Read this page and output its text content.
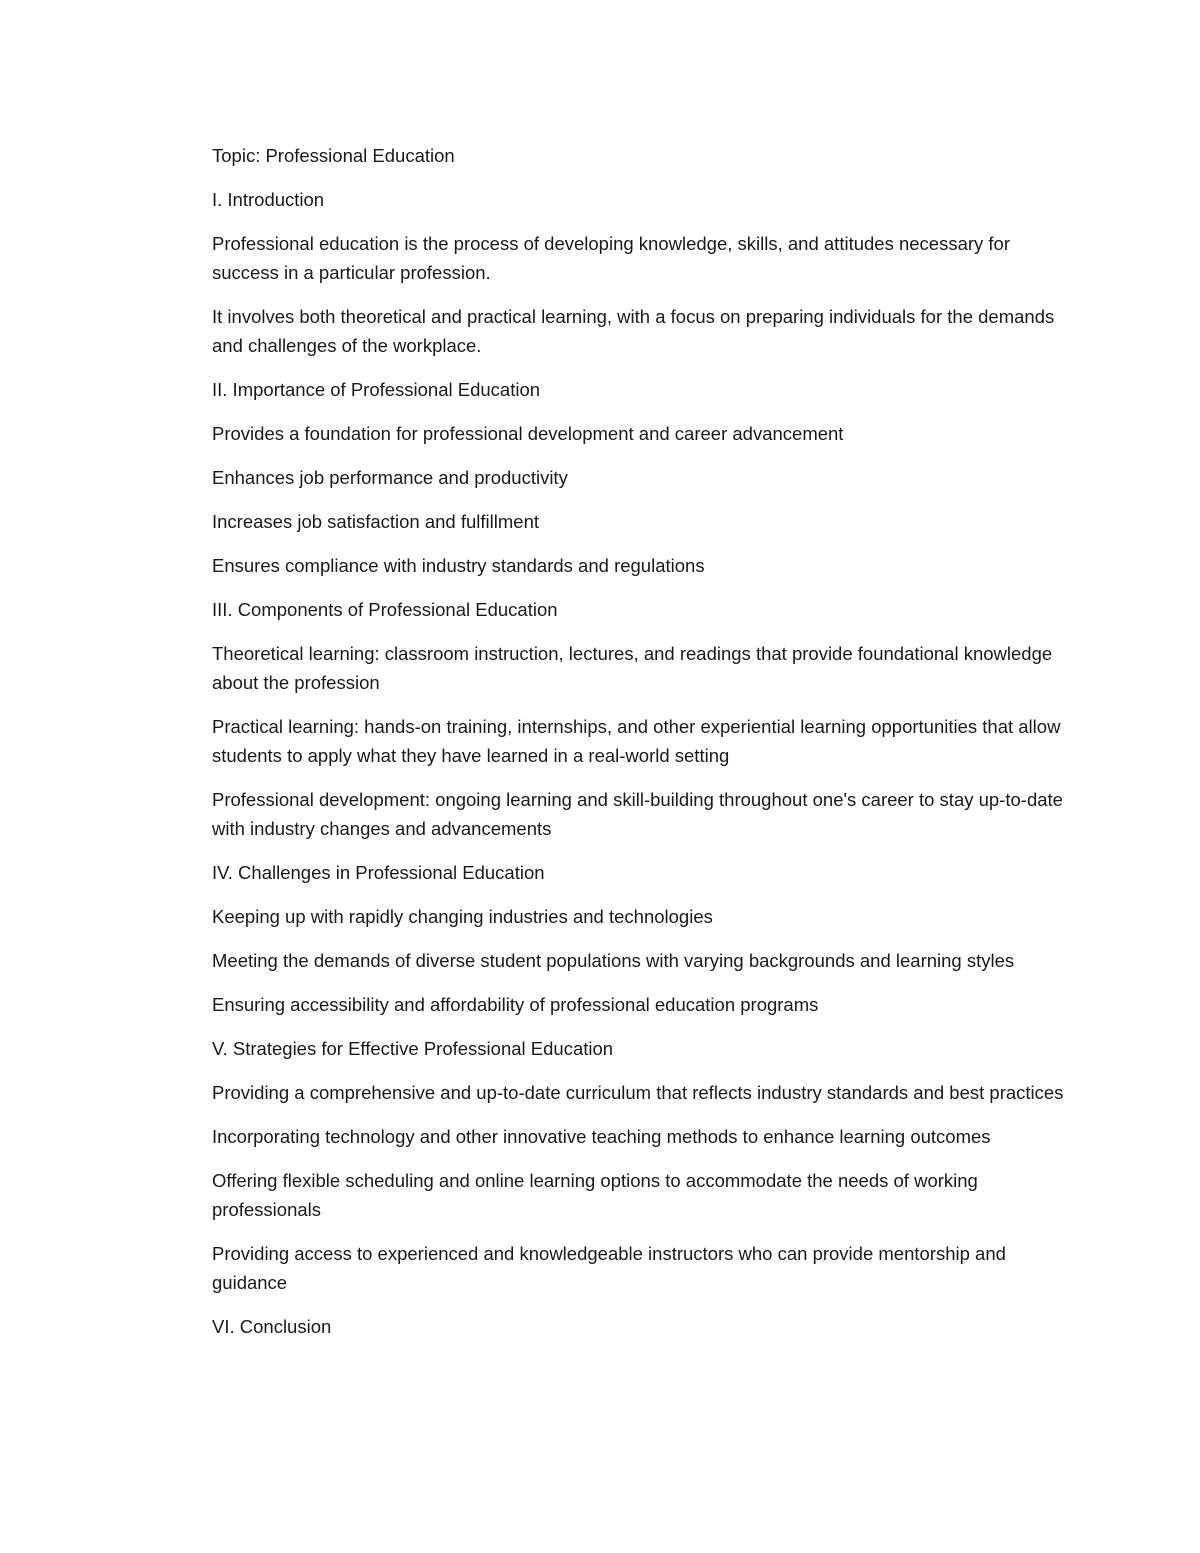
Topic: Professional Education

I. Introduction

Professional education is the process of developing knowledge, skills, and attitudes necessary for success in a particular profession.

It involves both theoretical and practical learning, with a focus on preparing individuals for the demands and challenges of the workplace.

II. Importance of Professional Education

Provides a foundation for professional development and career advancement

Enhances job performance and productivity

Increases job satisfaction and fulfillment

Ensures compliance with industry standards and regulations

III. Components of Professional Education

Theoretical learning: classroom instruction, lectures, and readings that provide foundational knowledge about the profession

Practical learning: hands-on training, internships, and other experiential learning opportunities that allow students to apply what they have learned in a real-world setting

Professional development: ongoing learning and skill-building throughout one's career to stay up-to-date with industry changes and advancements

IV. Challenges in Professional Education

Keeping up with rapidly changing industries and technologies

Meeting the demands of diverse student populations with varying backgrounds and learning styles

Ensuring accessibility and affordability of professional education programs

V. Strategies for Effective Professional Education

Providing a comprehensive and up-to-date curriculum that reflects industry standards and best practices

Incorporating technology and other innovative teaching methods to enhance learning outcomes

Offering flexible scheduling and online learning options to accommodate the needs of working professionals

Providing access to experienced and knowledgeable instructors who can provide mentorship and guidance

VI. Conclusion
